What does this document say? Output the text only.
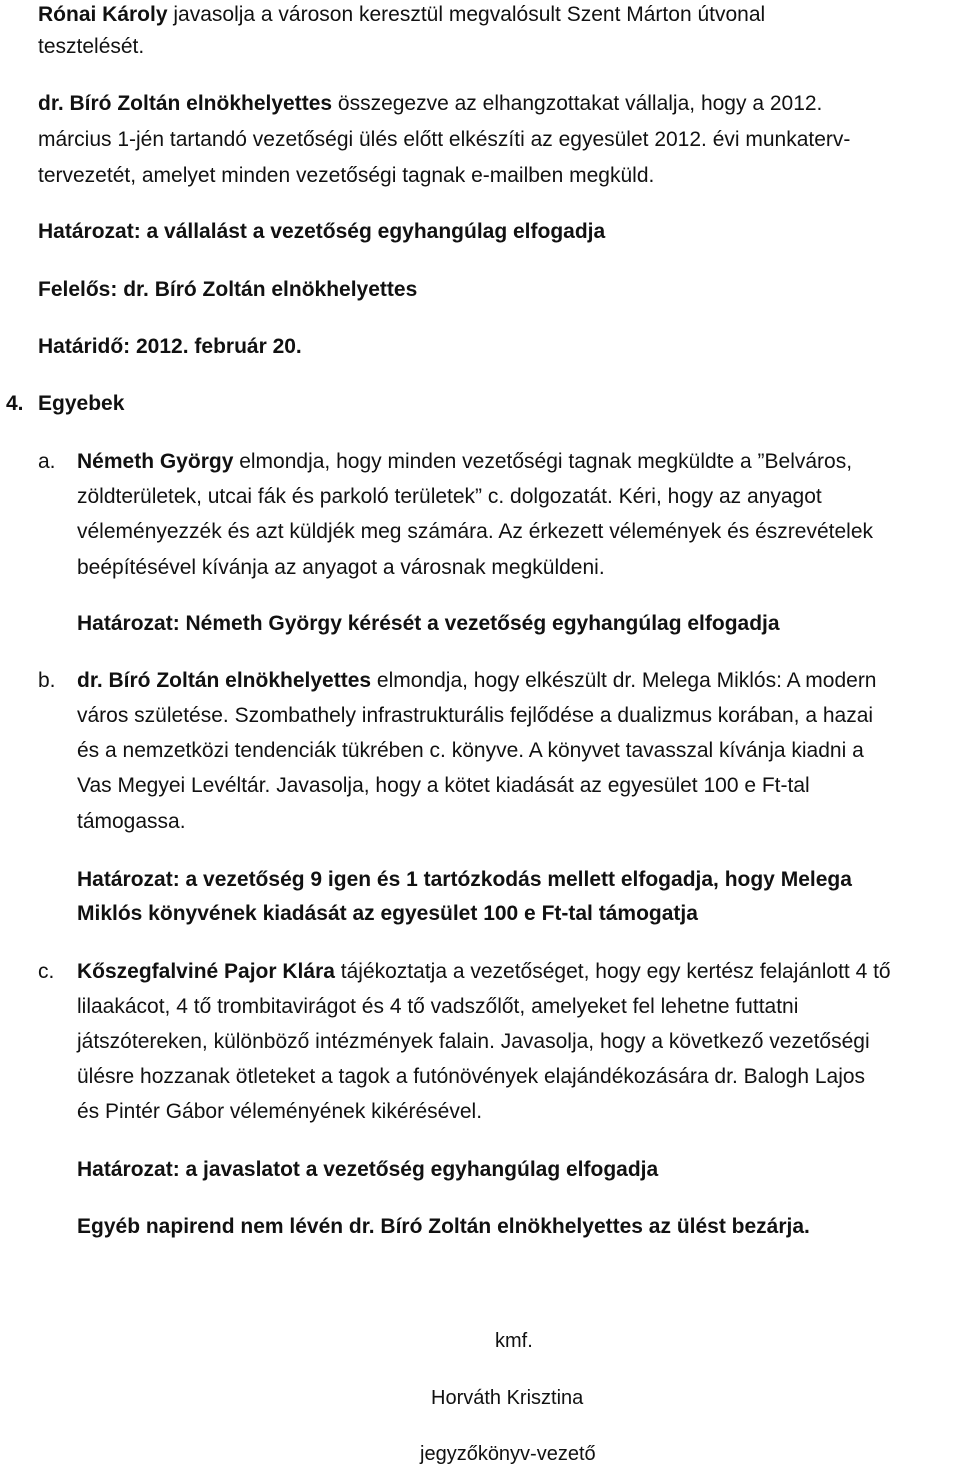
Rónai Károly javasolja a városon keresztül megvalósult Szent Márton útvonal
tesztelését.
dr. Bíró Zoltán elnökhelyettes összegezve az elhangzottakat vállalja, hogy a 2012.
március 1-jén tartandó vezetőségi ülés előtt elkészíti az egyesület 2012. évi munkaterv-
tervezetét, amelyet minden vezetőségi tagnak e-mailben megküld.
Határozat: a vállalást a vezetőség egyhangúlag elfogadja
Felelős: dr. Bíró Zoltán elnökhelyettes
Határidő: 2012. február 20.
4. Egyebek
a. Németh György elmondja, hogy minden vezetőségi tagnak megküldte a ”Belváros,
zöldterületek, utcai fák és parkoló területek” c. dolgozatát. Kéri, hogy az anyagot
véleményezzék és azt küldjék meg számára. Az érkezett vélemények és észrevételek
beépítésével kívánja az anyagot a városnak megküldeni.
Határozat: Németh György kérését a vezetőség egyhangúlag elfogadja
b. dr. Bíró Zoltán elnökhelyettes elmondja, hogy elkészült dr. Melega Miklós: A modern
város születése. Szombathely infrastrukturális fejlődése a dualizmus korában, a hazai
és a nemzetközi tendenciák tükrében c. könyve. A könyvet tavasszal kívánja kiadni a
Vas Megyei Levéltár. Javasolja, hogy a kötet kiadását az egyesület 100 e Ft-tal
támogassa.
Határozat: a vezetőség 9 igen és 1 tartózkodás mellett elfogadja, hogy Melega
Miklós könyvének kiadását az egyesület 100 e Ft-tal támogatja
c. Kőszegfalviné Pajor Klára tájékoztatja a vezetőséget, hogy egy kertész felajánlott 4 tő
lilaakácot, 4 tő trombitavirágot és 4 tő vadszőlőt, amelyeket fel lehetne futtatni
játszótereken, különböző intézmények falain. Javasolja, hogy a következő vezetőségi
ülésre hozzanak ötleteket a tagok a futónövények elajándékozására dr. Balogh Lajos
és Pintér Gábor véleményének kikérésével.
Határozat: a javaslatot a vezetőség egyhangúlag elfogadja
Egyéb napirend nem lévén dr. Bíró Zoltán elnökhelyettes az ülést bezárja.
kmf.
Horváth Krisztina
jegyzőkönyv-vezető
